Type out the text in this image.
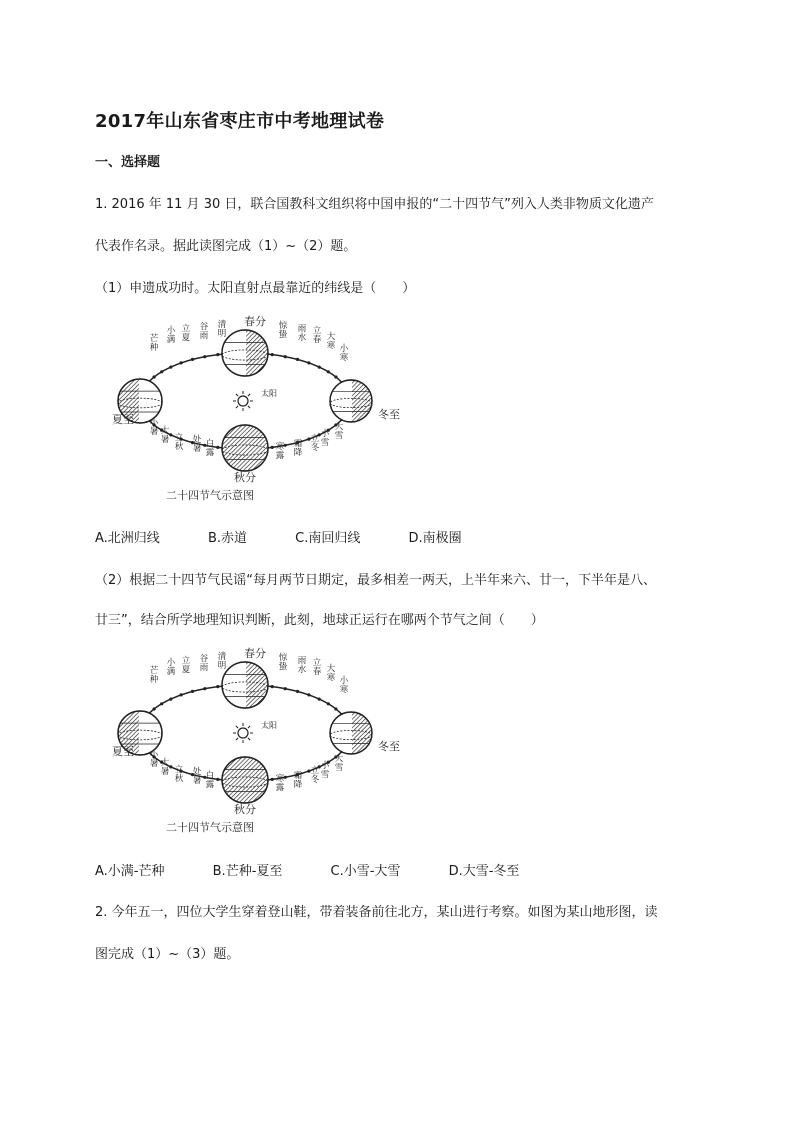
2017年山东省枣庄市中考地理试卷
一、选择题
1. 2016 年 11 月 30 日，联合国教科文组织将中国申报的“二十四节气”列入人类非物质文化遗产
代表作名录。据此读图完成（1）~（2）题。
（1）申遗成功时。太阳直射点最靠近的纬线是（　　）
太阳
春分
夏至	冬至
秋分
芒种
小满
立夏
谷雨
清明
惊蛰
雨水
立春 大寒 小寒
小暑 大暑 立秋
处暑 白露
寒露
霜降
立冬
小雪
大雪
二十四节气示意图
A.北洲归线	B.赤道	C.南回归线	D.南极圈
（2）根据二十四节气民谣“每月两节日期定，最多相差一两天，上半年来六、廿一，下半年是八、
廿三”，结合所学地理知识判断，此刻，地球正运行在哪两个节气之间（　　）
太阳
春分
夏至	冬至
秋分
芒种
小满
立夏
谷雨
清明
惊蛰
雨水
立春 大寒 小寒
小暑 大暑 立秋
处暑 白露
寒露
霜降
立冬
小雪
大雪
二十四节气示意图
A.小满-芒种	B.芒种-夏至	C.小雪-大雪	D.大雪-冬至
2. 今年五一，四位大学生穿着登山鞋，带着装备前往北方，某山进行考察。如图为某山地形图，读
图完成（1）~（3）题。
